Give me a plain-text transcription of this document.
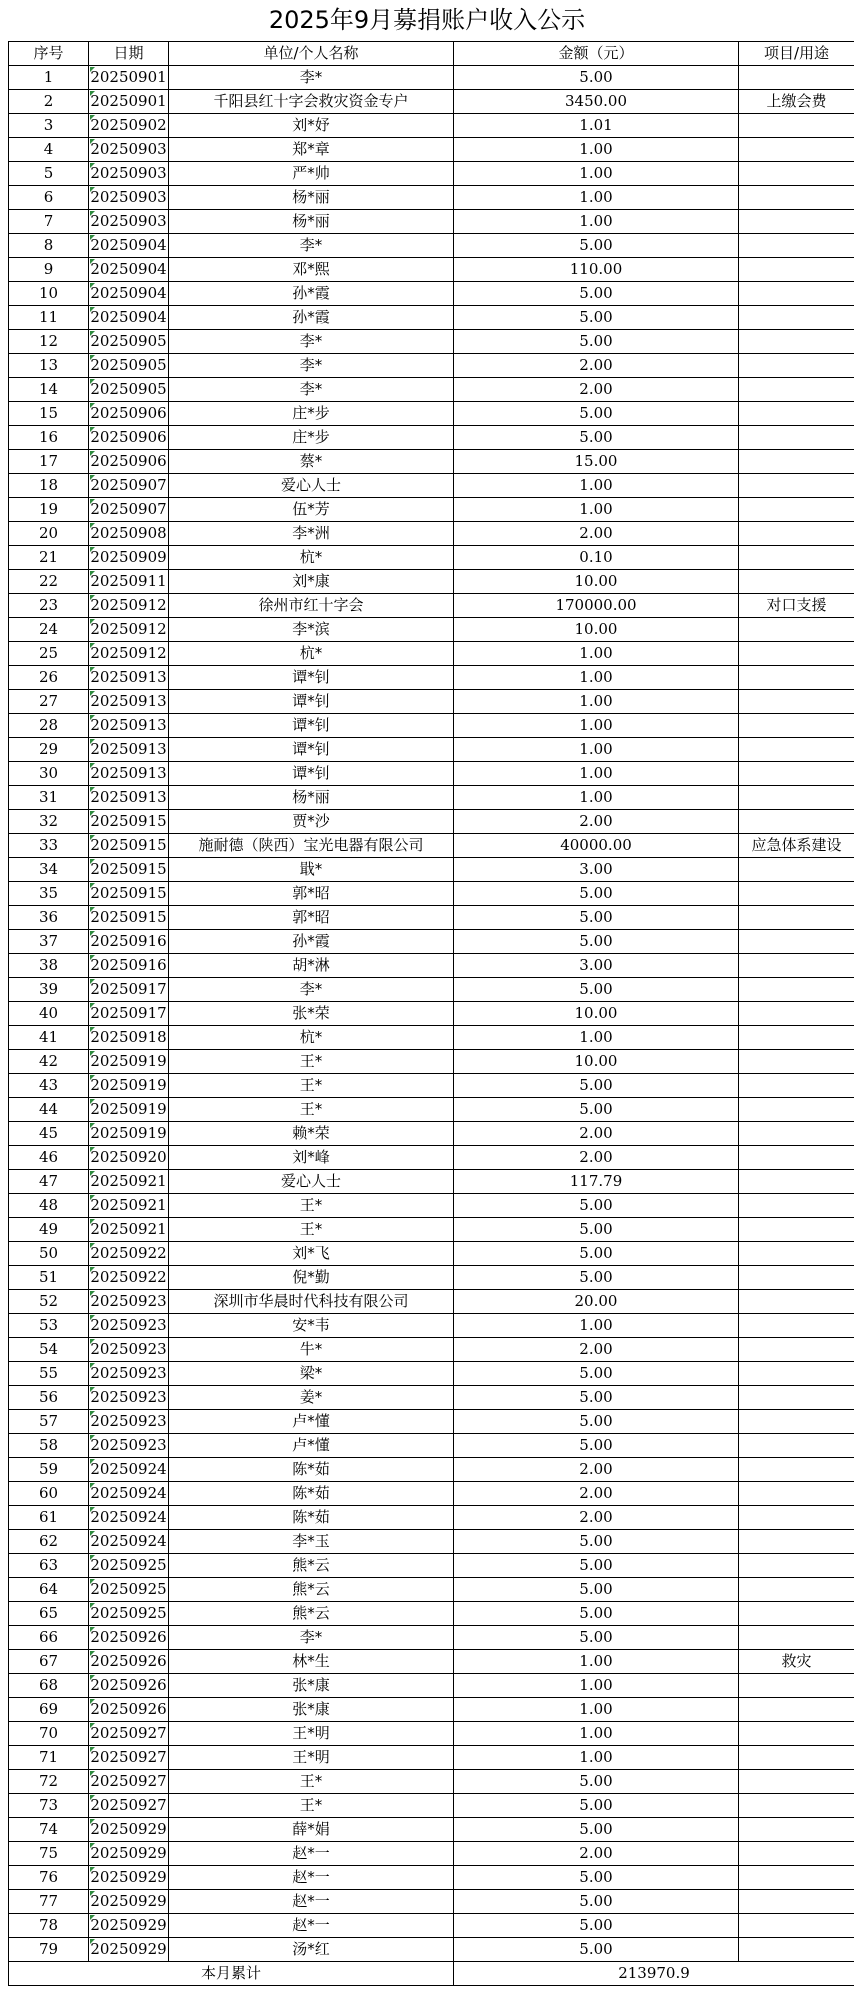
2025年9月募捐账户收入公示
序号	日期	单位/个人名称	金额（元）	项目/用途
1	20250901	李*	5.00	
2	20250901	千阳县红十字会救灾资金专户	3450.00	上缴会费
3	20250902	刘*妤	1.01	
4	20250903	郑*章	1.00	
5	20250903	严*帅	1.00	
6	20250903	杨*丽	1.00	
7	20250903	杨*丽	1.00	
8	20250904	李*	5.00	
9	20250904	邓*熙	110.00	
10	20250904	孙*霞	5.00	
11	20250904	孙*霞	5.00	
12	20250905	李*	5.00	
13	20250905	李*	2.00	
14	20250905	李*	2.00	
15	20250906	庄*步	5.00	
16	20250906	庄*步	5.00	
17	20250906	蔡*	15.00	
18	20250907	爱心人士	1.00	
19	20250907	伍*芳	1.00	
20	20250908	李*洲	2.00	
21	20250909	杭*	0.10	
22	20250911	刘*康	10.00	
23	20250912	徐州市红十字会	170000.00	对口支援
24	20250912	李*滨	10.00	
25	20250912	杭*	1.00	
26	20250913	谭*钊	1.00	
27	20250913	谭*钊	1.00	
28	20250913	谭*钊	1.00	
29	20250913	谭*钊	1.00	
30	20250913	谭*钊	1.00	
31	20250913	杨*丽	1.00	
32	20250915	贾*沙	2.00	
33	20250915	施耐德（陕西）宝光电器有限公司	40000.00	应急体系建设
34	20250915	戢*	3.00	
35	20250915	郭*昭	5.00	
36	20250915	郭*昭	5.00	
37	20250916	孙*霞	5.00	
38	20250916	胡*淋	3.00	
39	20250917	李*	5.00	
40	20250917	张*荣	10.00	
41	20250918	杭*	1.00	
42	20250919	王*	10.00	
43	20250919	王*	5.00	
44	20250919	王*	5.00	
45	20250919	赖*荣	2.00	
46	20250920	刘*峰	2.00	
47	20250921	爱心人士	117.79	
48	20250921	王*	5.00	
49	20250921	王*	5.00	
50	20250922	刘*飞	5.00	
51	20250922	倪*勤	5.00	
52	20250923	深圳市华晨时代科技有限公司	20.00	
53	20250923	安*韦	1.00	
54	20250923	牛*	2.00	
55	20250923	梁*	5.00	
56	20250923	姜*	5.00	
57	20250923	卢*懂	5.00	
58	20250923	卢*懂	5.00	
59	20250924	陈*茹	2.00	
60	20250924	陈*茹	2.00	
61	20250924	陈*茹	2.00	
62	20250924	李*玉	5.00	
63	20250925	熊*云	5.00	
64	20250925	熊*云	5.00	
65	20250925	熊*云	5.00	
66	20250926	李*	5.00	
67	20250926	林*生	1.00	救灾
68	20250926	张*康	1.00	
69	20250926	张*康	1.00	
70	20250927	王*明	1.00	
71	20250927	王*明	1.00	
72	20250927	王*	5.00	
73	20250927	王*	5.00	
74	20250929	薛*娟	5.00	
75	20250929	赵*一	2.00	
76	20250929	赵*一	5.00	
77	20250929	赵*一	5.00	
78	20250929	赵*一	5.00	
79	20250929	汤*红	5.00	
本月累计			213970.9	
